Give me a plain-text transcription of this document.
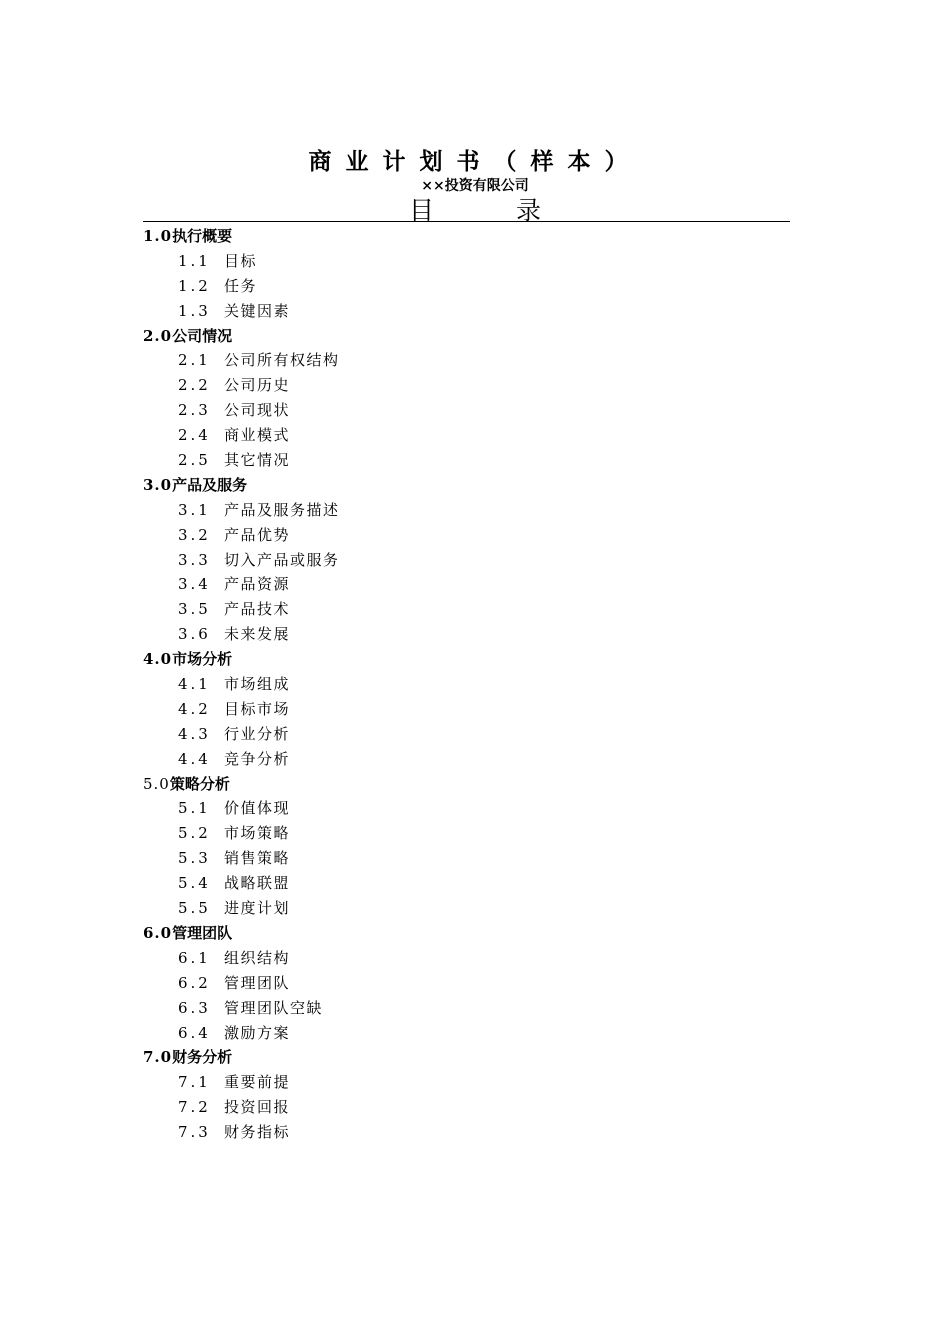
商业计划书（样本）
××投资有限公司
目录
1.0执行概要
1.1 目标
1.2 任务
1.3 关键因素
2.0公司情况
2.1 公司所有权结构
2.2 公司历史
2.3 公司现状
2.4 商业模式
2.5 其它情况
3.0产品及服务
3.1 产品及服务描述
3.2 产品优势
3.3 切入产品或服务
3.4 产品资源
3.5 产品技术
3.6 未来发展
4.0市场分析
4.1 市场组成
4.2 目标市场
4.3 行业分析
4.4 竞争分析
5.0策略分析
5.1 价值体现
5.2 市场策略
5.3 销售策略
5.4 战略联盟
5.5 进度计划
6.0管理团队
6.1 组织结构
6.2 管理团队
6.3 管理团队空缺
6.4 激励方案
7.0财务分析
7.1 重要前提
7.2 投资回报
7.3 财务指标
